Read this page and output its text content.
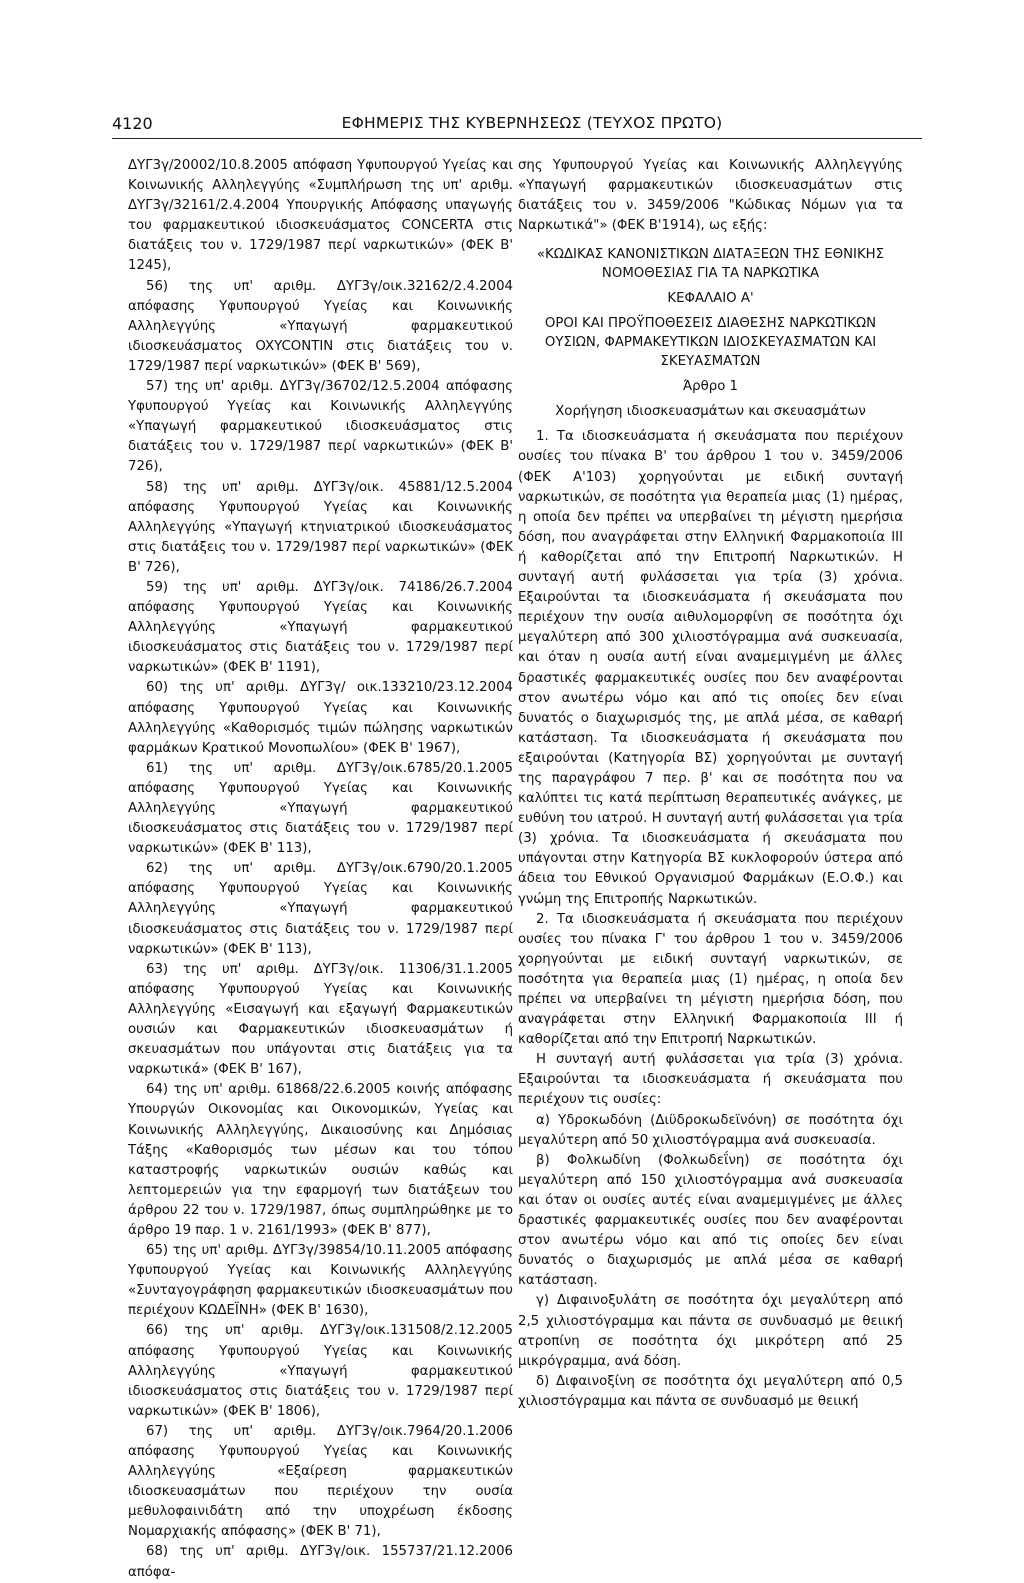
4120	ΕΦΗΜΕΡΙΣ ΤΗΣ ΚΥΒΕΡΝΗΣΕΩΣ (ΤΕΥΧΟΣ ΠΡΩΤΟ)

ΔΥΓ3γ/20002/10.8.2005 απόφαση Υφυπουργού Υγείας και Κοινωνικής Αλληλεγγύης «Συμπλήρωση της υπ' αριθμ. ΔΥΓ3γ/32161/2.4.2004 Υπουργικής Απόφασης υπαγωγής του φαρμακευτικού ιδιοσκευάσματος CONCERTA στις διατάξεις του ν. 1729/1987 περί ναρκωτικών» (ΦΕΚ Β' 1245),

56) της υπ' αριθμ. ΔΥΓ3γ/οικ.32162/2.4.2004 απόφασης Υφυπουργού Υγείας και Κοινωνικής Αλληλεγγύης «Υπαγωγή φαρμακευτικού ιδιοσκευάσματος OXYCONTIN στις διατάξεις του ν. 1729/1987 περί ναρκωτικών» (ΦΕΚ Β' 569),

57) της υπ' αριθμ. ΔΥΓ3γ/36702/12.5.2004 απόφασης Υφυπουργού Υγείας και Κοινωνικής Αλληλεγγύης «Υπαγωγή φαρμακευτικού ιδιοσκευάσματος στις διατάξεις του ν. 1729/1987 περί ναρκωτικών» (ΦΕΚ Β' 726),

58) της υπ' αριθμ. ΔΥΓ3γ/οικ. 45881/12.5.2004 απόφασης Υφυπουργού Υγείας και Κοινωνικής Αλληλεγγύης «Υπαγωγή κτηνιατρικού ιδιοσκευάσματος στις διατάξεις του ν. 1729/1987 περί ναρκωτικών» (ΦΕΚ Β' 726),

59) της υπ' αριθμ. ΔΥΓ3γ/οικ. 74186/26.7.2004 απόφασης Υφυπουργού Υγείας και Κοινωνικής Αλληλεγγύης «Υπαγωγή φαρμακευτικού ιδιοσκευάσματος στις διατάξεις του ν. 1729/1987 περί ναρκωτικών» (ΦΕΚ Β' 1191),

60) της υπ' αριθμ. ΔΥΓ3γ/ οικ.133210/23.12.2004 απόφασης Υφυπουργού Υγείας και Κοινωνικής Αλληλεγγύης «Καθορισμός τιμών πώλησης ναρκωτικών φαρμάκων Κρατικού Μονοπωλίου» (ΦΕΚ Β' 1967),

61) της υπ' αριθμ. ΔΥΓ3γ/οικ.6785/20.1.2005 απόφασης Υφυπουργού Υγείας και Κοινωνικής Αλληλεγγύης «Υπαγωγή φαρμακευτικού ιδιοσκευάσματος στις διατάξεις του ν. 1729/1987 περί ναρκωτικών» (ΦΕΚ Β' 113),

62) της υπ' αριθμ. ΔΥΓ3γ/οικ.6790/20.1.2005 απόφασης Υφυπουργού Υγείας και Κοινωνικής Αλληλεγγύης «Υπαγωγή φαρμακευτικού ιδιοσκευάσματος στις διατάξεις του ν. 1729/1987 περί ναρκωτικών» (ΦΕΚ Β' 113),

63) της υπ' αριθμ. ΔΥΓ3γ/οικ. 11306/31.1.2005 απόφασης Υφυπουργού Υγείας και Κοινωνικής Αλληλεγγύης «Εισαγωγή και εξαγωγή Φαρμακευτικών ουσιών και Φαρμακευτικών ιδιοσκευασμάτων ή σκευασμάτων που υπάγονται στις διατάξεις για τα ναρκωτικά» (ΦΕΚ Β' 167),

64) της υπ' αριθμ. 61868/22.6.2005 κοινής απόφασης Υπουργών Οικονομίας και Οικονομικών, Υγείας και Κοινωνικής Αλληλεγγύης, Δικαιοσύνης και Δημόσιας Τάξης «Καθορισμός των μέσων και του τόπου καταστροφής ναρκωτικών ουσιών καθώς και λεπτομερειών για την εφαρμογή των διατάξεων του άρθρου 22 του ν. 1729/1987, όπως συμπληρώθηκε με το άρθρο 19 παρ. 1 ν. 2161/1993» (ΦΕΚ Β' 877),

65) της υπ' αριθμ. ΔΥΓ3γ/39854/10.11.2005 απόφασης Υφυπουργού Υγείας και Κοινωνικής Αλληλεγγύης «Συνταγογράφηση φαρμακευτικών ιδιοσκευασμάτων που περιέχουν ΚΩΔΕΪΝΗ» (ΦΕΚ Β' 1630),

66) της υπ' αριθμ. ΔΥΓ3γ/οικ.131508/2.12.2005 απόφασης Υφυπουργού Υγείας και Κοινωνικής Αλληλεγγύης «Υπαγωγή φαρμακευτικού ιδιοσκευάσματος στις διατάξεις του ν. 1729/1987 περί ναρκωτικών» (ΦΕΚ Β' 1806),

67) της υπ' αριθμ. ΔΥΓ3γ/οικ.7964/20.1.2006 απόφασης Υφυπουργού Υγείας και Κοινωνικής Αλληλεγγύης «Εξαίρεση φαρμακευτικών ιδιοσκευασμάτων που περιέχουν την ουσία μεθυλοφαινιδάτη από την υποχρέωση έκδοσης Νομαρχιακής απόφασης» (ΦΕΚ Β' 71),

68) της υπ' αριθμ. ΔΥΓ3γ/οικ. 155737/21.12.2006 απόφα-

σης Υφυπουργού Υγείας και Κοινωνικής Αλληλεγγύης «Υπαγωγή φαρμακευτικών ιδιοσκευασμάτων στις διατάξεις του ν. 3459/2006 "Κώδικας Νόμων για τα Ναρκωτικά"» (ΦΕΚ Β'1914), ως εξής:

«ΚΩΔΙΚΑΣ ΚΑΝΟΝΙΣΤΙΚΩΝ ΔΙΑΤΑΞΕΩΝ ΤΗΣ ΕΘΝΙΚΗΣ ΝΟΜΟΘΕΣΙΑΣ ΓΙΑ ΤΑ ΝΑΡΚΩΤΙΚΑ

ΚΕΦΑΛΑΙΟ Α'

ΟΡΟΙ ΚΑΙ ΠΡΟΫΠΟΘΕΣΕΙΣ ΔΙΑΘΕΣΗΣ ΝΑΡΚΩΤΙΚΩΝ ΟΥΣΙΩΝ, ΦΑΡΜΑΚΕΥΤΙΚΩΝ ΙΔΙΟΣΚΕΥΑΣΜΑΤΩΝ ΚΑΙ ΣΚΕΥΑΣΜΑΤΩΝ

Άρθρο 1

Χορήγηση ιδιοσκευασμάτων και σκευασμάτων

1. Τα ιδιοσκευάσματα ή σκευάσματα που περιέχουν ουσίες του πίνακα Β' του άρθρου 1 του ν. 3459/2006 (ΦΕΚ Α'103) χορηγούνται με ειδική συνταγή ναρκωτικών, σε ποσότητα για θεραπεία μιας (1) ημέρας, η οποία δεν πρέπει να υπερβαίνει τη μέγιστη ημερήσια δόση, που αναγράφεται στην Ελληνική Φαρμακοποιία ΙΙΙ ή καθορίζεται από την Επιτροπή Ναρκωτικών. Η συνταγή αυτή φυλάσσεται για τρία (3) χρόνια. Εξαιρούνται τα ιδιοσκευάσματα ή σκευάσματα που περιέχουν την ουσία αιθυλομορφίνη σε ποσότητα όχι μεγαλύτερη από 300 χιλιοστόγραμμα ανά συσκευασία, και όταν η ουσία αυτή είναι αναμεμιγμένη με άλλες δραστικές φαρμακευτικές ουσίες που δεν αναφέρονται στον ανωτέρω νόμο και από τις οποίες δεν είναι δυνατός ο διαχωρισμός της, με απλά μέσα, σε καθαρή κατάσταση. Τα ιδιοσκευάσματα ή σκευάσματα που εξαιρούνται (Κατηγορία ΒΣ) χορηγούνται με συνταγή της παραγράφου 7 περ. β' και σε ποσότητα που να καλύπτει τις κατά περίπτωση θεραπευτικές ανάγκες, με ευθύνη του ιατρού. Η συνταγή αυτή φυλάσσεται για τρία (3) χρόνια. Τα ιδιοσκευάσματα ή σκευάσματα που υπάγονται στην Κατηγορία ΒΣ κυκλοφορούν ύστερα από άδεια του Εθνικού Οργανισμού Φαρμάκων (Ε.Ο.Φ.) και γνώμη της Επιτροπής Ναρκωτικών.

2. Τα ιδιοσκευάσματα ή σκευάσματα που περιέχουν ουσίες του πίνακα Γ' του άρθρου 1 του ν. 3459/2006 χορηγούνται με ειδική συνταγή ναρκωτικών, σε ποσότητα για θεραπεία μιας (1) ημέρας, η οποία δεν πρέπει να υπερβαίνει τη μέγιστη ημερήσια δόση, που αναγράφεται στην Ελληνική Φαρμακοποιία ΙΙΙ ή καθορίζεται από την Επιτροπή Ναρκωτικών.

Η συνταγή αυτή φυλάσσεται για τρία (3) χρόνια. Εξαιρούνται τα ιδιοσκευάσματα ή σκευάσματα που περιέχουν τις ουσίες:

α) Υδροκωδόνη (Διϋδροκωδεϊνόνη) σε ποσότητα όχι μεγαλύτερη από 50 χιλιοστόγραμμα ανά συσκευασία.

β) Φολκωδίνη (Φολκωδεΐνη) σε ποσότητα όχι μεγαλύτερη από 150 χιλιοστόγραμμα ανά συσκευασία και όταν οι ουσίες αυτές είναι αναμεμιγμένες με άλλες δραστικές φαρμακευτικές ουσίες που δεν αναφέρονται στον ανωτέρω νόμο και από τις οποίες δεν είναι δυνατός ο διαχωρισμός με απλά μέσα σε καθαρή κατάσταση.

γ) Διφαινοξυλάτη σε ποσότητα όχι μεγαλύτερη από 2,5 χιλιοστόγραμμα και πάντα σε συνδυασμό με θειική ατροπίνη σε ποσότητα όχι μικρότερη από 25 μικρόγραμμα, ανά δόση.

δ) Διφαινοξίνη σε ποσότητα όχι μεγαλύτερη από 0,5 χιλιοστόγραμμα και πάντα σε συνδυασμό με θειική
